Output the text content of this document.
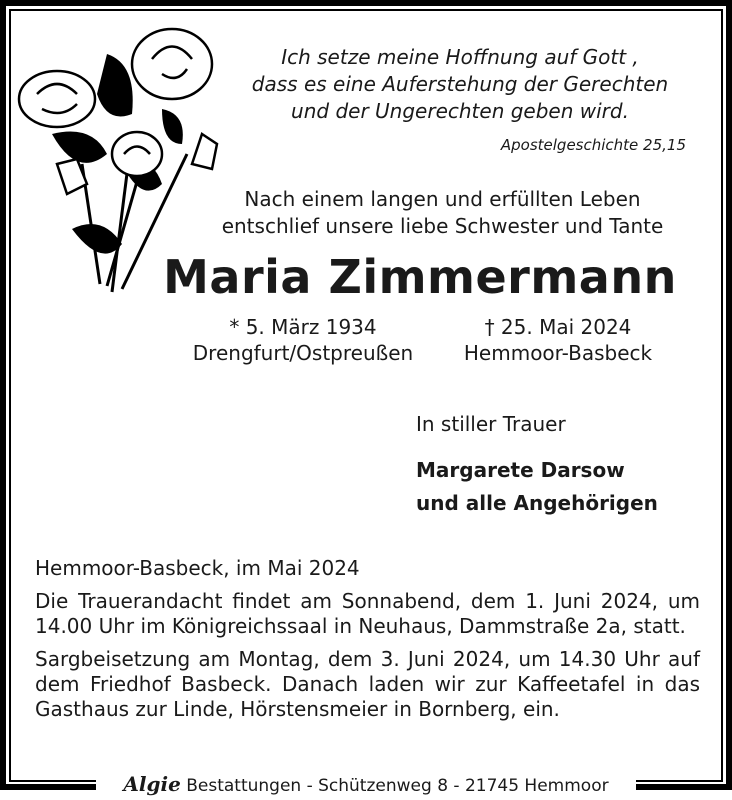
Ich setze meine Hoffnung auf Gott ,
dass es eine Auferstehung der Gerechten
und der Ungerechten geben wird.
Apostelgeschichte 25,15
Nach einem langen und erfüllten Leben
entschlief unsere liebe Schwester und Tante
Maria Zimmermann
* 5. März 1934
Drengfurt/Ostpreußen
† 25. Mai 2024
Hemmoor-Basbeck
In stiller Trauer
Margarete Darsow
und alle Angehörigen

Hemmoor-Basbeck, im Mai 2024

Die Trauerandacht findet am Sonnabend, dem 1. Juni 2024, um 14.00 Uhr im Königreichssaal in Neuhaus, Dammstraße 2a, statt.

Sargbeisetzung am Montag, dem 3. Juni 2024, um 14.30 Uhr auf dem Friedhof Basbeck. Danach laden wir zur Kaffeetafel in das Gasthaus zur Linde, Hörstensmeier in Bornberg, ein.

Algie Bestattungen - Schützenweg 8 - 21745 Hemmoor
